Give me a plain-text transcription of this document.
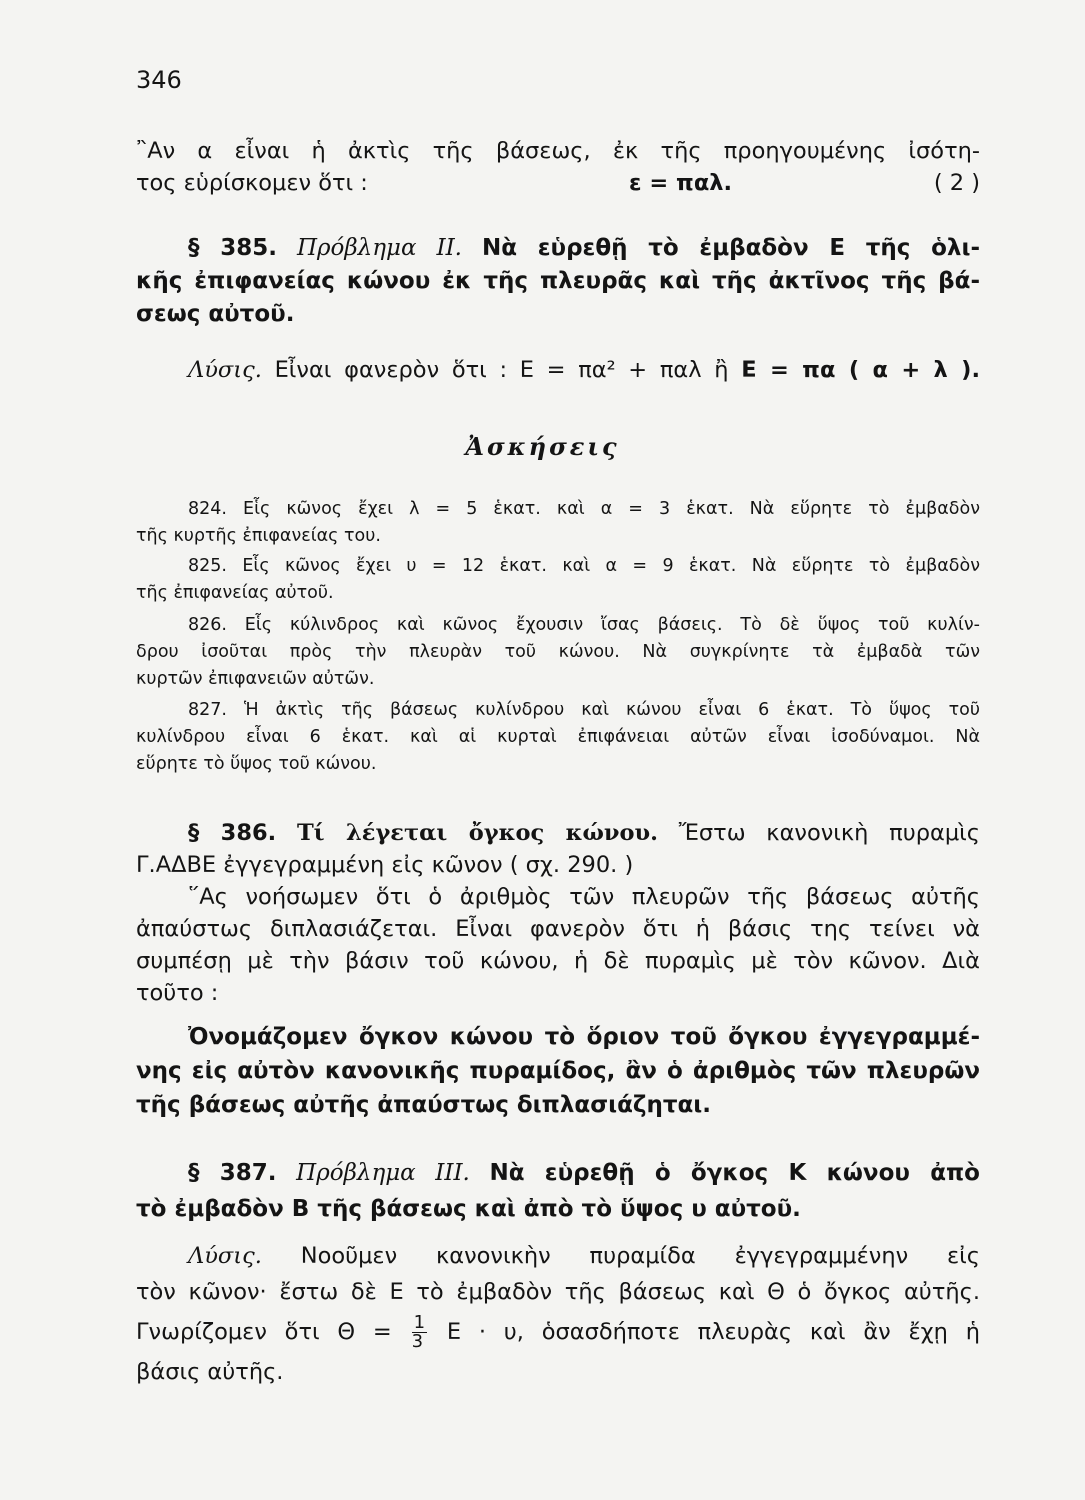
346
῍Αν α εἶναι ἡ ἀκτὶς τῆς βάσεως, ἐκ τῆς προηγουμένης ἰσότη-
τος εὑρίσκομεν ὅτι :	ε = παλ.	( 2 )
§ 385. Πρόβλημα ΙΙ. Νὰ εὑρεθῇ τὸ ἐμβαδὸν Ε τῆς ὁλι-
κῆς ἐπιφανείας κώνου ἐκ τῆς πλευρᾶς καὶ τῆς ἀκτῖνος τῆς βά-
σεως αὐτοῦ.
Λύσις. Εἶναι φανερὸν ὅτι : Ε = πα² + παλ ἢ Ε = πα ( α + λ ).
Ἀσκήσεις
824. Εἷς κῶνος ἔχει λ = 5 ἑκατ. καὶ α = 3 ἑκατ. Νὰ εὕρητε τὸ ἐμβαδὸν
τῆς κυρτῆς ἐπιφανείας του.
825. Εἷς κῶνος ἔχει υ = 12 ἑκατ. καὶ α = 9 ἑκατ. Νὰ εὕρητε τὸ ἐμβαδὸν
τῆς ἐπιφανείας αὐτοῦ.
826. Εἷς κύλινδρος καὶ κῶνος ἔχουσιν ἴσας βάσεις. Τὸ δὲ ὕψος τοῦ κυλίν-
δρου ἰσοῦται πρὸς τὴν πλευρὰν τοῦ κώνου. Νὰ συγκρίνητε τὰ ἐμβαδὰ τῶν
κυρτῶν ἐπιφανειῶν αὐτῶν.
827. Ἡ ἀκτὶς τῆς βάσεως κυλίνδρου καὶ κώνου εἶναι 6 ἑκατ. Τὸ ὕψος τοῦ
κυλίνδρου εἶναι 6 ἑκατ. καὶ αἱ κυρταὶ ἐπιφάνειαι αὐτῶν εἶναι ἰσοδύναμοι. Νὰ
εὕρητε τὸ ὕψος τοῦ κώνου.
§ 386. Τί λέγεται ὄγκος κώνου. Ἔστω κανονικὴ πυραμὶς
Γ.ΑΔΒΕ ἐγγεγραμμένη εἰς κῶνον ( σχ. 290. )
῞Ας νοήσωμεν ὅτι ὁ ἀριθμὸς τῶν πλευρῶν τῆς βάσεως αὐτῆς
ἀπαύστως διπλασιάζεται. Εἶναι φανερὸν ὅτι ἡ βάσις της τείνει νὰ
συμπέσῃ μὲ τὴν βάσιν τοῦ κώνου, ἡ δὲ πυραμὶς μὲ τὸν κῶνον. Διὰ
τοῦτο :
Ὀνομάζομεν ὄγκον κώνου τὸ ὅριον τοῦ ὄγκου ἐγγεγραμμέ-
νης εἰς αὐτὸν κανονικῆς πυραμίδος, ἂν ὁ ἀριθμὸς τῶν πλευρῶν
τῆς βάσεως αὐτῆς ἀπαύστως διπλασιάζηται.
§ 387. Πρόβλημα ΙΙΙ. Νὰ εὑρεθῇ ὁ ὄγκος Κ κώνου ἀπὸ
τὸ ἐμβαδὸν Β τῆς βάσεως καὶ ἀπὸ τὸ ὕψος υ αὐτοῦ.
Λύσις. Νοοῦμεν κανονικὴν πυραμίδα ἐγγεγραμμένην εἰς
τὸν κῶνον· ἔστω δὲ Ε τὸ ἐμβαδὸν τῆς βάσεως καὶ Θ ὁ ὄγκος αὐτῆς.
Γνωρίζομεν ὅτι $\Theta = \frac{1}{3}$ Ε · υ, ὁσασδήποτε πλευρὰς καὶ ἂν ἔχῃ ἡ
βάσις αὐτῆς.
